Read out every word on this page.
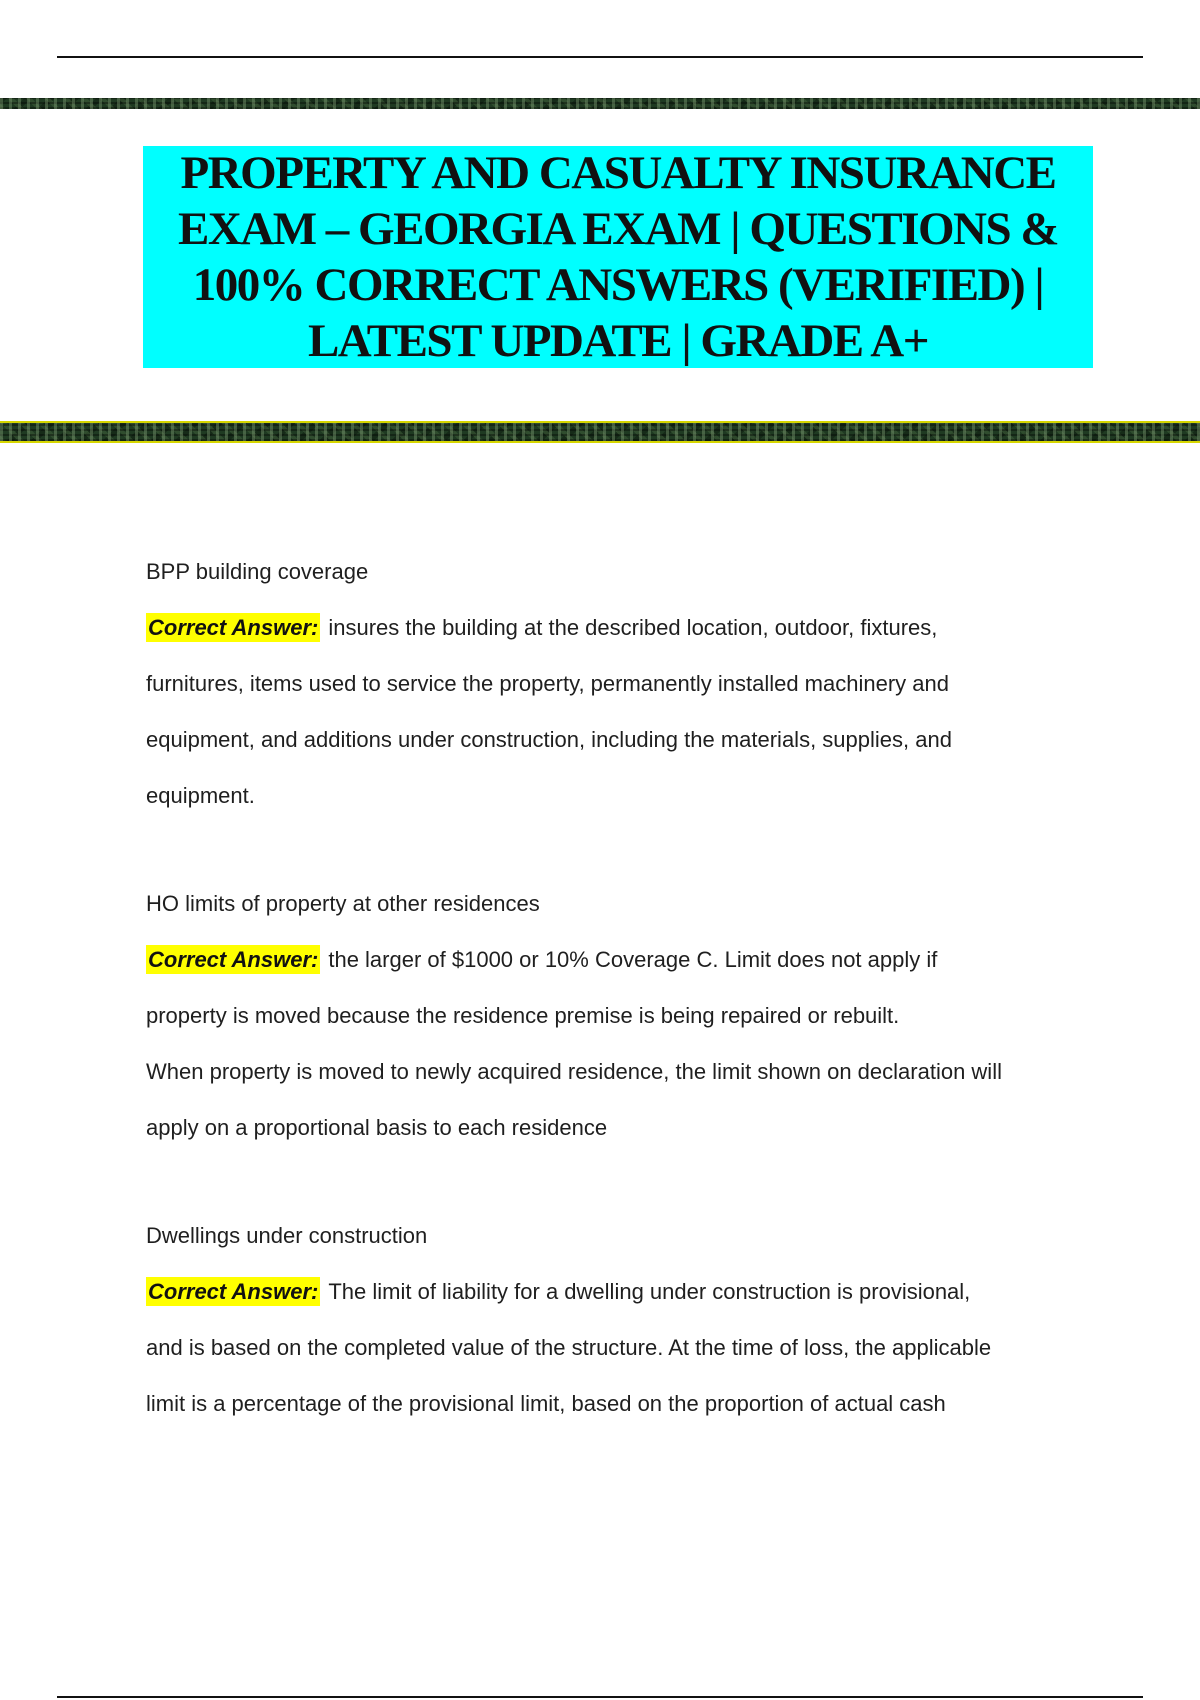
PROPERTY AND CASUALTY INSURANCE EXAM – GEORGIA EXAM | QUESTIONS & 100% CORRECT ANSWERS (VERIFIED) | LATEST UPDATE | GRADE A+
BPP building coverage
Correct Answer: insures the building at the described location, outdoor, fixtures,
furnitures, items used to service the property, permanently installed machinery and
equipment, and additions under construction, including the materials, supplies, and
equipment.
HO limits of property at other residences
Correct Answer: the larger of $1000 or 10% Coverage C. Limit does not apply if
property is moved because the residence premise is being repaired or rebuilt.
When property is moved to newly acquired residence, the limit shown on declaration will
apply on a proportional basis to each residence
Dwellings under construction
Correct Answer: The limit of liability for a dwelling under construction is provisional,
and is based on the completed value of the structure. At the time of loss, the applicable
limit is a percentage of the provisional limit, based on the proportion of actual cash
